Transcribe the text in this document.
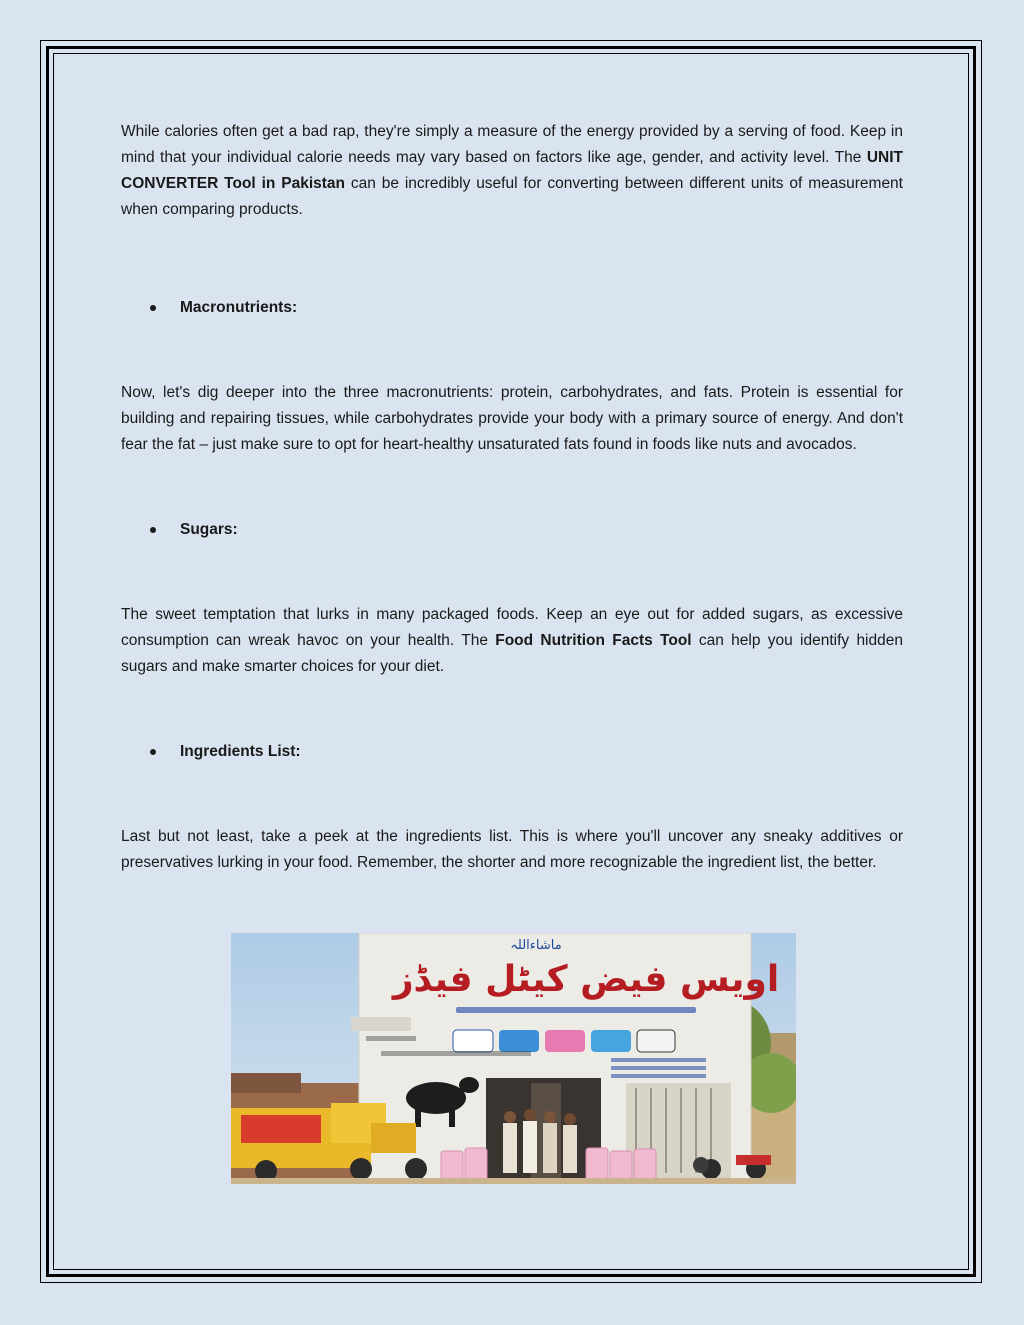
While calories often get a bad rap, they're simply a measure of the energy provided by a serving of food. Keep in mind that your individual calorie needs may vary based on factors like age, gender, and activity level. The UNIT CONVERTER Tool in Pakistan can be incredibly useful for converting between different units of measurement when comparing products.

Macronutrients:

Now, let's dig deeper into the three macronutrients: protein, carbohydrates, and fats. Protein is essential for building and repairing tissues, while carbohydrates provide your body with a primary source of energy. And don't fear the fat – just make sure to opt for heart-healthy unsaturated fats found in foods like nuts and avocados.

Sugars:

The sweet temptation that lurks in many packaged foods. Keep an eye out for added sugars, as excessive consumption can wreak havoc on your health. The Food Nutrition Facts Tool can help you identify hidden sugars and make smarter choices for your diet.

Ingredients List:

Last but not least, take a peek at the ingredients list. This is where you'll uncover any sneaky additives or preservatives lurking in your food. Remember, the shorter and more recognizable the ingredient list, the better.

ماشاءاللہ
اویس فیض کیٹل فیڈز
